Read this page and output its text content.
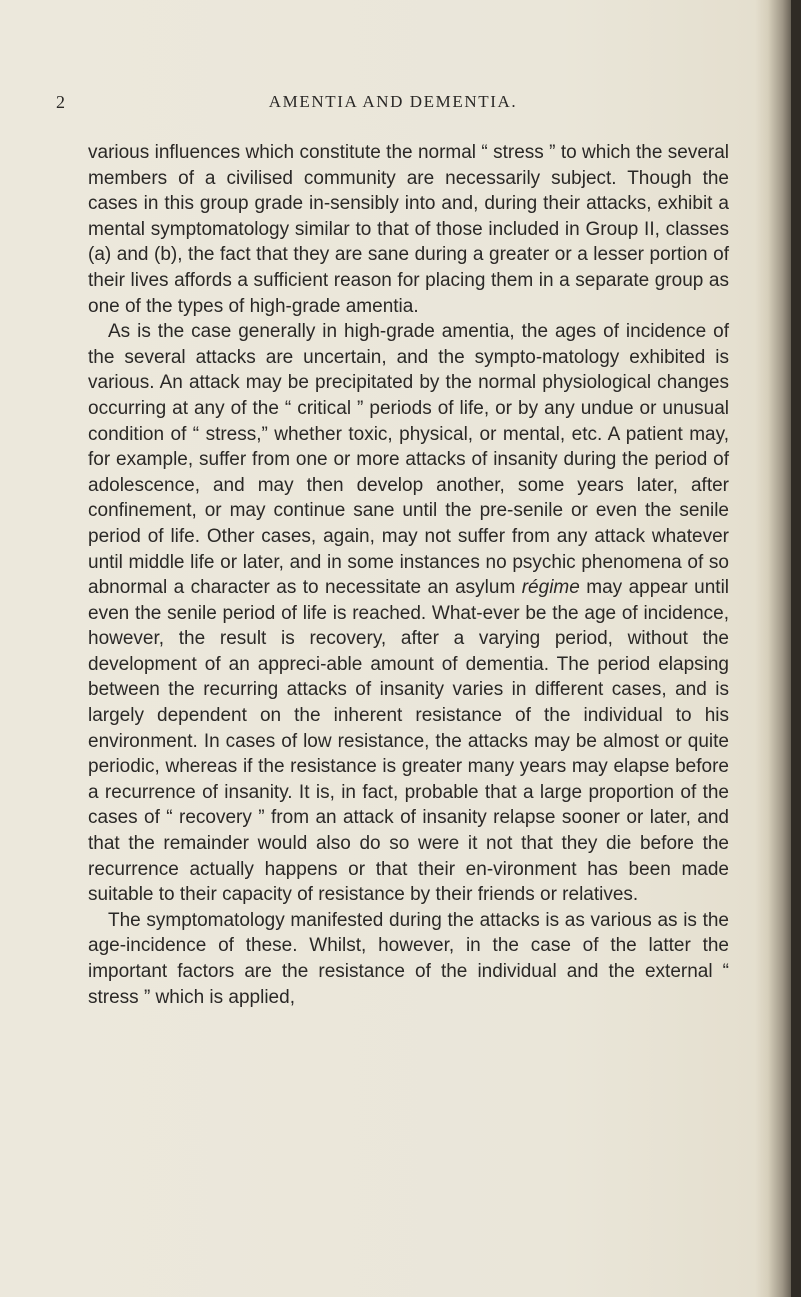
2	AMENTIA AND DEMENTIA.

various influences which constitute the normal “ stress ” to which the several members of a civilised community are necessarily subject. Though the cases in this group grade in-sensibly into and, during their attacks, exhibit a mental symptomatology similar to that of those included in Group II, classes (a) and (b), the fact that they are sane during a greater or a lesser portion of their lives affords a sufficient reason for placing them in a separate group as one of the types of high-grade amentia.

As is the case generally in high-grade amentia, the ages of incidence of the several attacks are uncertain, and the sympto-matology exhibited is various. An attack may be precipitated by the normal physiological changes occurring at any of the “ critical ” periods of life, or by any undue or unusual condition of “ stress,” whether toxic, physical, or mental, etc. A patient may, for example, suffer from one or more attacks of insanity during the period of adolescence, and may then develop another, some years later, after confinement, or may continue sane until the pre-senile or even the senile period of life. Other cases, again, may not suffer from any attack whatever until middle life or later, and in some instances no psychic phenomena of so abnormal a character as to necessitate an asylum régime may appear until even the senile period of life is reached. What-ever be the age of incidence, however, the result is recovery, after a varying period, without the development of an appreci-able amount of dementia. The period elapsing between the recurring attacks of insanity varies in different cases, and is largely dependent on the inherent resistance of the individual to his environment. In cases of low resistance, the attacks may be almost or quite periodic, whereas if the resistance is greater many years may elapse before a recurrence of insanity. It is, in fact, probable that a large proportion of the cases of “ recovery ” from an attack of insanity relapse sooner or later, and that the remainder would also do so were it not that they die before the recurrence actually happens or that their en-vironment has been made suitable to their capacity of resistance by their friends or relatives.

The symptomatology manifested during the attacks is as various as is the age-incidence of these. Whilst, however, in the case of the latter the important factors are the resistance of the individual and the external “ stress ” which is applied,
